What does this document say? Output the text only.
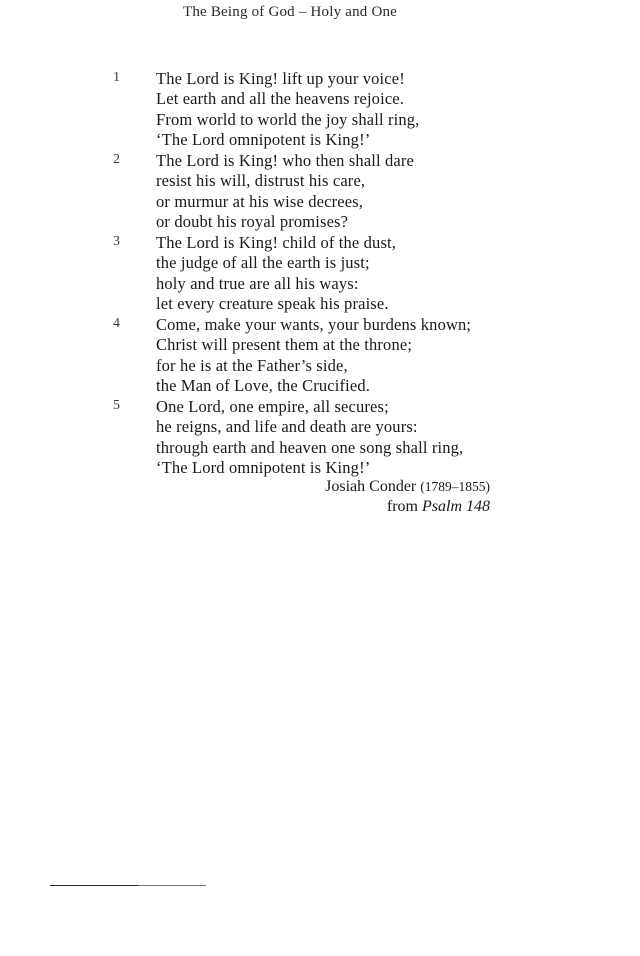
The Being of God – Holy and One
1 The Lord is King! lift up your voice!
Let earth and all the heavens rejoice.
From world to world the joy shall ring,
‘The Lord omnipotent is King!’
2 The Lord is King! who then shall dare
resist his will, distrust his care,
or murmur at his wise decrees,
or doubt his royal promises?
3 The Lord is King! child of the dust,
the judge of all the earth is just;
holy and true are all his ways:
let every creature speak his praise.
4 Come, make your wants, your burdens known;
Christ will present them at the throne;
for he is at the Father’s side,
the Man of Love, the Crucified.
5 One Lord, one empire, all secures;
he reigns, and life and death are yours:
through earth and heaven one song shall ring,
‘The Lord omnipotent is King!’
Josiah Conder (1789–1855)
from Psalm 148
